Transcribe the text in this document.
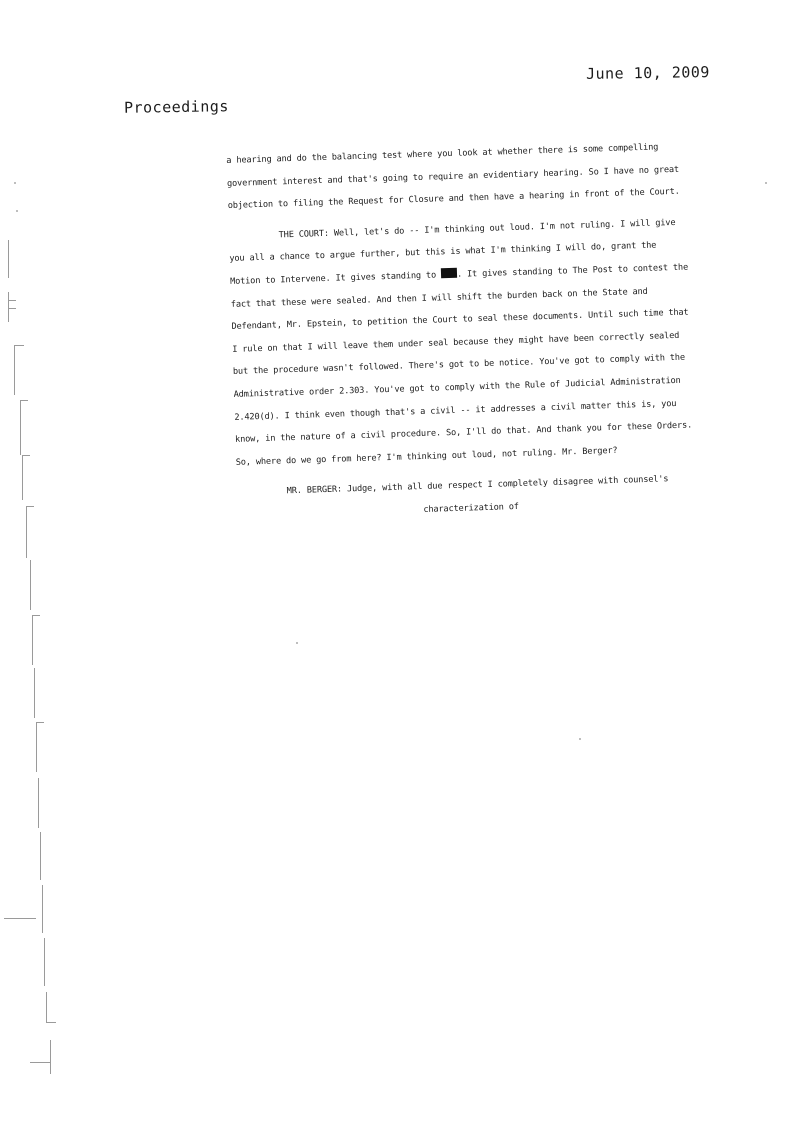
June 10, 2009
Proceedings
a hearing and do the balancing test where you look at whether there is some compelling
government interest and that's going to require an evidentiary hearing. So I have no great
objection to filing the Request for Closure and then have a hearing in front of the Court.
THE COURT: Well, let's do -- I'm thinking out loud. I'm not ruling. I will give
you all a chance to argue further, but this is what I'm thinking I will do, grant the
Motion to Intervene. It gives standing to . It gives standing to The Post to contest the
fact that these were sealed. And then I will shift the burden back on the State and
Defendant, Mr. Epstein, to petition the Court to seal these documents. Until such time that
I rule on that I will leave them under seal because they might have been correctly sealed
but the procedure wasn't followed. There's got to be notice. You've got to comply with the
Administrative order 2.303. You've got to comply with the Rule of Judicial Administration
2.420(d). I think even though that's a civil -- it addresses a civil matter this is, you
know, in the nature of a civil procedure. So, I'll do that. And thank you for these Orders.
So, where do we go from here? I'm thinking out loud, not ruling. Mr. Berger?
MR. BERGER: Judge, with all due respect I completely disagree with counsel's
characterization of
